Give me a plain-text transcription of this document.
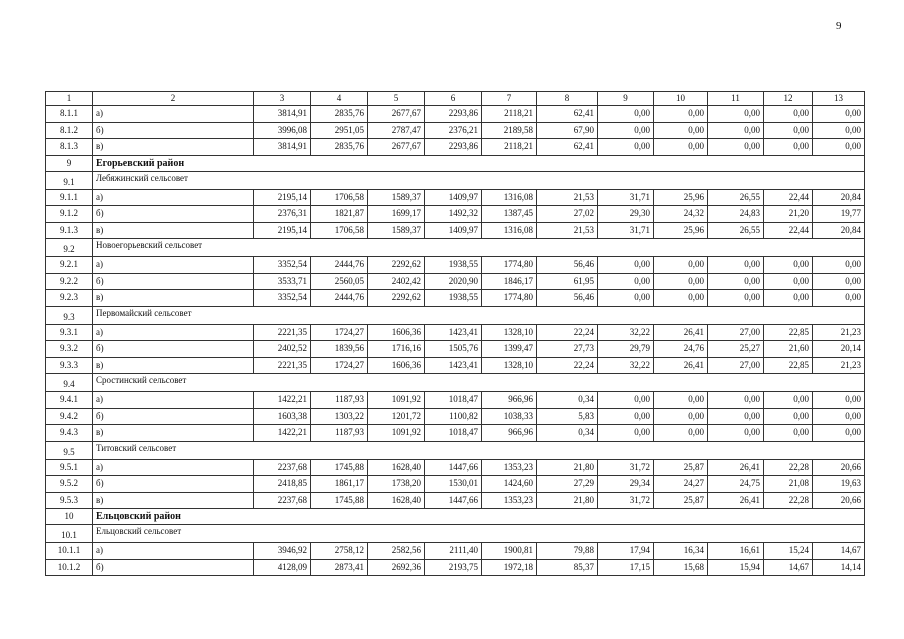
9
1	2	3	4	5	6	7	8	9	10	11	12	13
8.1.1	а)	3814,91	2835,76	2677,67	2293,86	2118,21	62,41	0,00	0,00	0,00	0,00	0,00
8.1.2	б)	3996,08	2951,05	2787,47	2376,21	2189,58	67,90	0,00	0,00	0,00	0,00	0,00
8.1.3	в)	3814,91	2835,76	2677,67	2293,86	2118,21	62,41	0,00	0,00	0,00	0,00	0,00
9	Егорьевский район											
9.1	Лебяжинский сельсовет											
9.1.1	а)	2195,14	1706,58	1589,37	1409,97	1316,08	21,53	31,71	25,96	26,55	22,44	20,84
9.1.2	б)	2376,31	1821,87	1699,17	1492,32	1387,45	27,02	29,30	24,32	24,83	21,20	19,77
9.1.3	в)	2195,14	1706,58	1589,37	1409,97	1316,08	21,53	31,71	25,96	26,55	22,44	20,84
9.2	Новоегорьевский сельсовет											
9.2.1	а)	3352,54	2444,76	2292,62	1938,55	1774,80	56,46	0,00	0,00	0,00	0,00	0,00
9.2.2	б)	3533,71	2560,05	2402,42	2020,90	1846,17	61,95	0,00	0,00	0,00	0,00	0,00
9.2.3	в)	3352,54	2444,76	2292,62	1938,55	1774,80	56,46	0,00	0,00	0,00	0,00	0,00
9.3	Первомайский сельсовет											
9.3.1	а)	2221,35	1724,27	1606,36	1423,41	1328,10	22,24	32,22	26,41	27,00	22,85	21,23
9.3.2	б)	2402,52	1839,56	1716,16	1505,76	1399,47	27,73	29,79	24,76	25,27	21,60	20,14
9.3.3	в)	2221,35	1724,27	1606,36	1423,41	1328,10	22,24	32,22	26,41	27,00	22,85	21,23
9.4	Сростинский сельсовет											
9.4.1	а)	1422,21	1187,93	1091,92	1018,47	966,96	0,34	0,00	0,00	0,00	0,00	0,00
9.4.2	б)	1603,38	1303,22	1201,72	1100,82	1038,33	5,83	0,00	0,00	0,00	0,00	0,00
9.4.3	в)	1422,21	1187,93	1091,92	1018,47	966,96	0,34	0,00	0,00	0,00	0,00	0,00
9.5	Титовский сельсовет											
9.5.1	а)	2237,68	1745,88	1628,40	1447,66	1353,23	21,80	31,72	25,87	26,41	22,28	20,66
9.5.2	б)	2418,85	1861,17	1738,20	1530,01	1424,60	27,29	29,34	24,27	24,75	21,08	19,63
9.5.3	в)	2237,68	1745,88	1628,40	1447,66	1353,23	21,80	31,72	25,87	26,41	22,28	20,66
10	Ельцовский район											
10.1	Ельцовский сельсовет											
10.1.1	а)	3946,92	2758,12	2582,56	2111,40	1900,81	79,88	17,94	16,34	16,61	15,24	14,67
10.1.2	б)	4128,09	2873,41	2692,36	2193,75	1972,18	85,37	17,15	15,68	15,94	14,67	14,14
